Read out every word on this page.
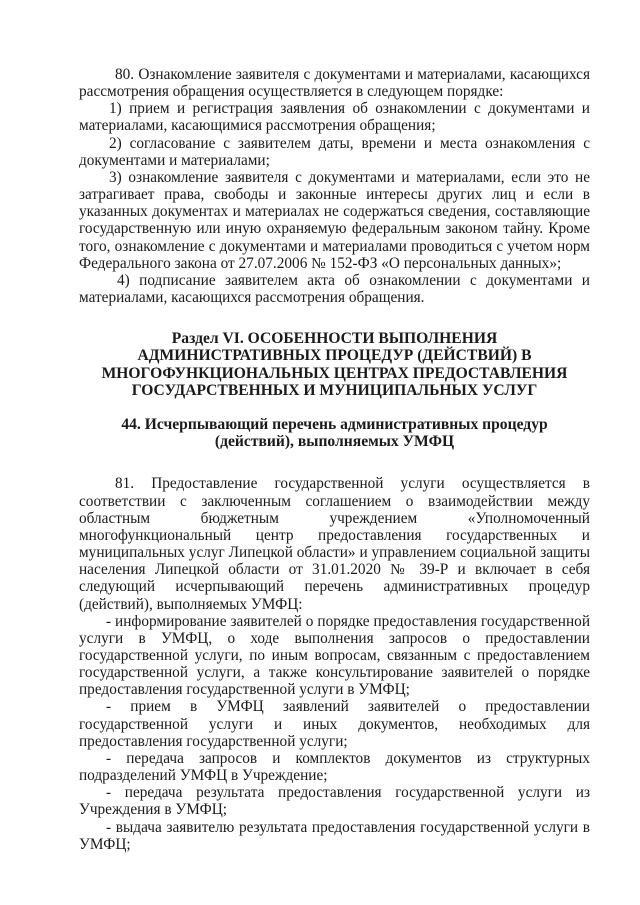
80. Ознакомление заявителя с документами и материалами, касающихся рассмотрения обращения осуществляется в следующем порядке:

1) прием и регистрация заявления об ознакомлении с документами и материалами, касающимися рассмотрения обращения;

2) согласование с заявителем даты, времени и места ознакомления с документами и материалами;

3) ознакомление заявителя с документами и материалами, если это не затрагивает права, свободы и законные интересы других лиц и если в указанных документах и материалах не содержаться сведения, составляющие государственную или иную охраняемую федеральным законом тайну. Кроме того, ознакомление с документами и материалами проводиться с учетом норм Федерального закона от 27.07.2006 № 152-ФЗ «О персональных данных»;

4) подписание заявителем акта об ознакомлении с документами и материалами, касающихся рассмотрения обращения.

Раздел VI. ОСОБЕННОСТИ ВЫПОЛНЕНИЯ

АДМИНИСТРАТИВНЫХ ПРОЦЕДУР (ДЕЙСТВИЙ) В

МНОГОФУНКЦИОНАЛЬНЫХ ЦЕНТРАХ ПРЕДОСТАВЛЕНИЯ

ГОСУДАРСТВЕННЫХ И МУНИЦИПАЛЬНЫХ УСЛУГ

44. Исчерпывающий перечень административных процедур

(действий), выполняемых УМФЦ

81. Предоставление государственной услуги осуществляется в соответствии с заключенным соглашением о взаимодействии между областным бюджетным учреждением «Уполномоченный многофункциональный центр предоставления государственных и муниципальных услуг Липецкой области» и управлением социальной защиты населения Липецкой области от 31.01.2020 № 39-Р и включает в себя следующий исчерпывающий перечень административных процедур (действий), выполняемых УМФЦ:

- информирование заявителей о порядке предоставления государственной услуги в УМФЦ, о ходе выполнения запросов о предоставлении государственной услуги, по иным вопросам, связанным с предоставлением государственной услуги, а также консультирование заявителей о порядке предоставления государственной услуги в УМФЦ;

- прием в УМФЦ заявлений заявителей о предоставлении государственной услуги и иных документов, необходимых для предоставления государственной услуги;

- передача запросов и комплектов документов из структурных подразделений УМФЦ в Учреждение;

- передача результата предоставления государственной услуги из Учреждения в УМФЦ;

- выдача заявителю результата предоставления государственной услуги в УМФЦ;
